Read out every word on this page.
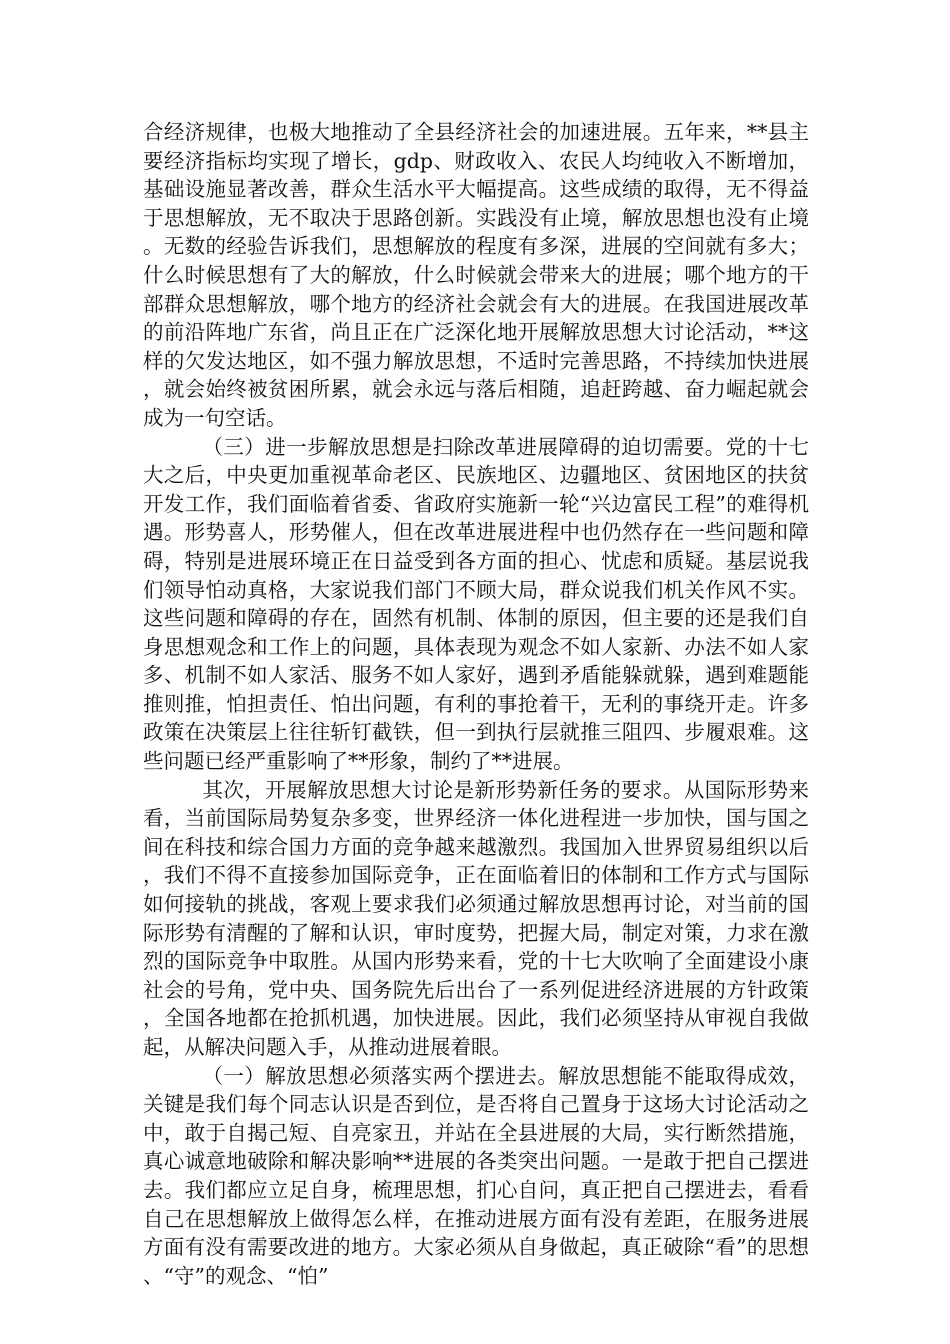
合经济规律，也极大地推动了全县经济社会的加速进展。五年来，**县主要经济指标均实现了增长，gdp、财政收入、农民人均纯收入不断增加，基础设施显著改善，群众生活水平大幅提高。这些成绩的取得，无不得益于思想解放，无不取决于思路创新。实践没有止境，解放思想也没有止境。无数的经验告诉我们，思想解放的程度有多深，进展的空间就有多大；什么时候思想有了大的解放，什么时候就会带来大的进展；哪个地方的干部群众思想解放，哪个地方的经济社会就会有大的进展。在我国进展改革的前沿阵地广东省，尚且正在广泛深化地开展解放思想大讨论活动，**这样的欠发达地区，如不强力解放思想，不适时完善思路，不持续加快进展，就会始终被贫困所累，就会永远与落后相随，追赶跨越、奋力崛起就会成为一句空话。

（三）进一步解放思想是扫除改革进展障碍的迫切需要。党的十七大之后，中央更加重视革命老区、民族地区、边疆地区、贫困地区的扶贫开发工作，我们面临着省委、省政府实施新一轮“兴边富民工程”的难得机遇。形势喜人，形势催人，但在改革进展进程中也仍然存在一些问题和障碍，特别是进展环境正在日益受到各方面的担心、忧虑和质疑。基层说我们领导怕动真格，大家说我们部门不顾大局，群众说我们机关作风不实。这些问题和障碍的存在，固然有机制、体制的原因，但主要的还是我们自身思想观念和工作上的问题，具体表现为观念不如人家新、办法不如人家多、机制不如人家活、服务不如人家好，遇到矛盾能躲就躲，遇到难题能推则推，怕担责任、怕出问题，有利的事抢着干，无利的事绕开走。许多政策在决策层上往往斩钉截铁，但一到执行层就推三阻四、步履艰难。这些问题已经严重影响了**形象，制约了**进展。

其次，开展解放思想大讨论是新形势新任务的要求。从国际形势来看，当前国际局势复杂多变，世界经济一体化进程进一步加快，国与国之间在科技和综合国力方面的竞争越来越激烈。我国加入世界贸易组织以后，我们不得不直接参加国际竞争，正在面临着旧的体制和工作方式与国际如何接轨的挑战，客观上要求我们必须通过解放思想再讨论，对当前的国际形势有清醒的了解和认识，审时度势，把握大局，制定对策，力求在激烈的国际竞争中取胜。从国内形势来看，党的十七大吹响了全面建设小康社会的号角，党中央、国务院先后出台了一系列促进经济进展的方针政策，全国各地都在抢抓机遇，加快进展。因此，我们必须坚持从审视自我做起，从解决问题入手，从推动进展着眼。

（一）解放思想必须落实两个摆进去。解放思想能不能取得成效，关键是我们每个同志认识是否到位，是否将自己置身于这场大讨论活动之中，敢于自揭己短、自亮家丑，并站在全县进展的大局，实行断然措施，真心诚意地破除和解决影响**进展的各类突出问题。一是敢于把自己摆进去。我们都应立足自身，梳理思想，扪心自问，真正把自己摆进去，看看自己在思想解放上做得怎么样，在推动进展方面有没有差距，在服务进展方面有没有需要改进的地方。大家必须从自身做起，真正破除“看”的思想、“守”的观念、“怕”
